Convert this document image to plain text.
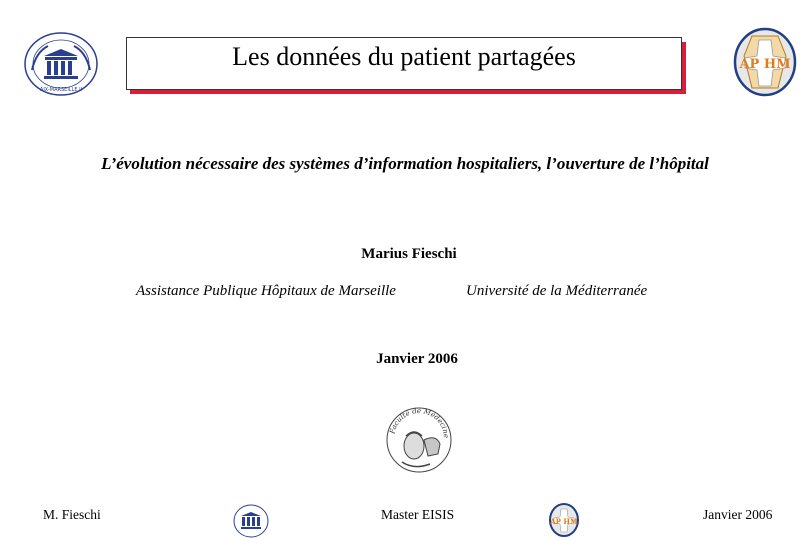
AIX-MARSEILLE II
Les données du patient partagées	AP HM
L’évolution nécessaire des systèmes d’information hospitaliers, l’ouverture de l’hôpital
Marius Fieschi
Assistance Publique Hôpitaux de Marseille	Université de la Méditerranée
Janvier 2006
Faculté de Médecine
M. Fieschi	Master EISIS	AP HM	Janvier 2006
